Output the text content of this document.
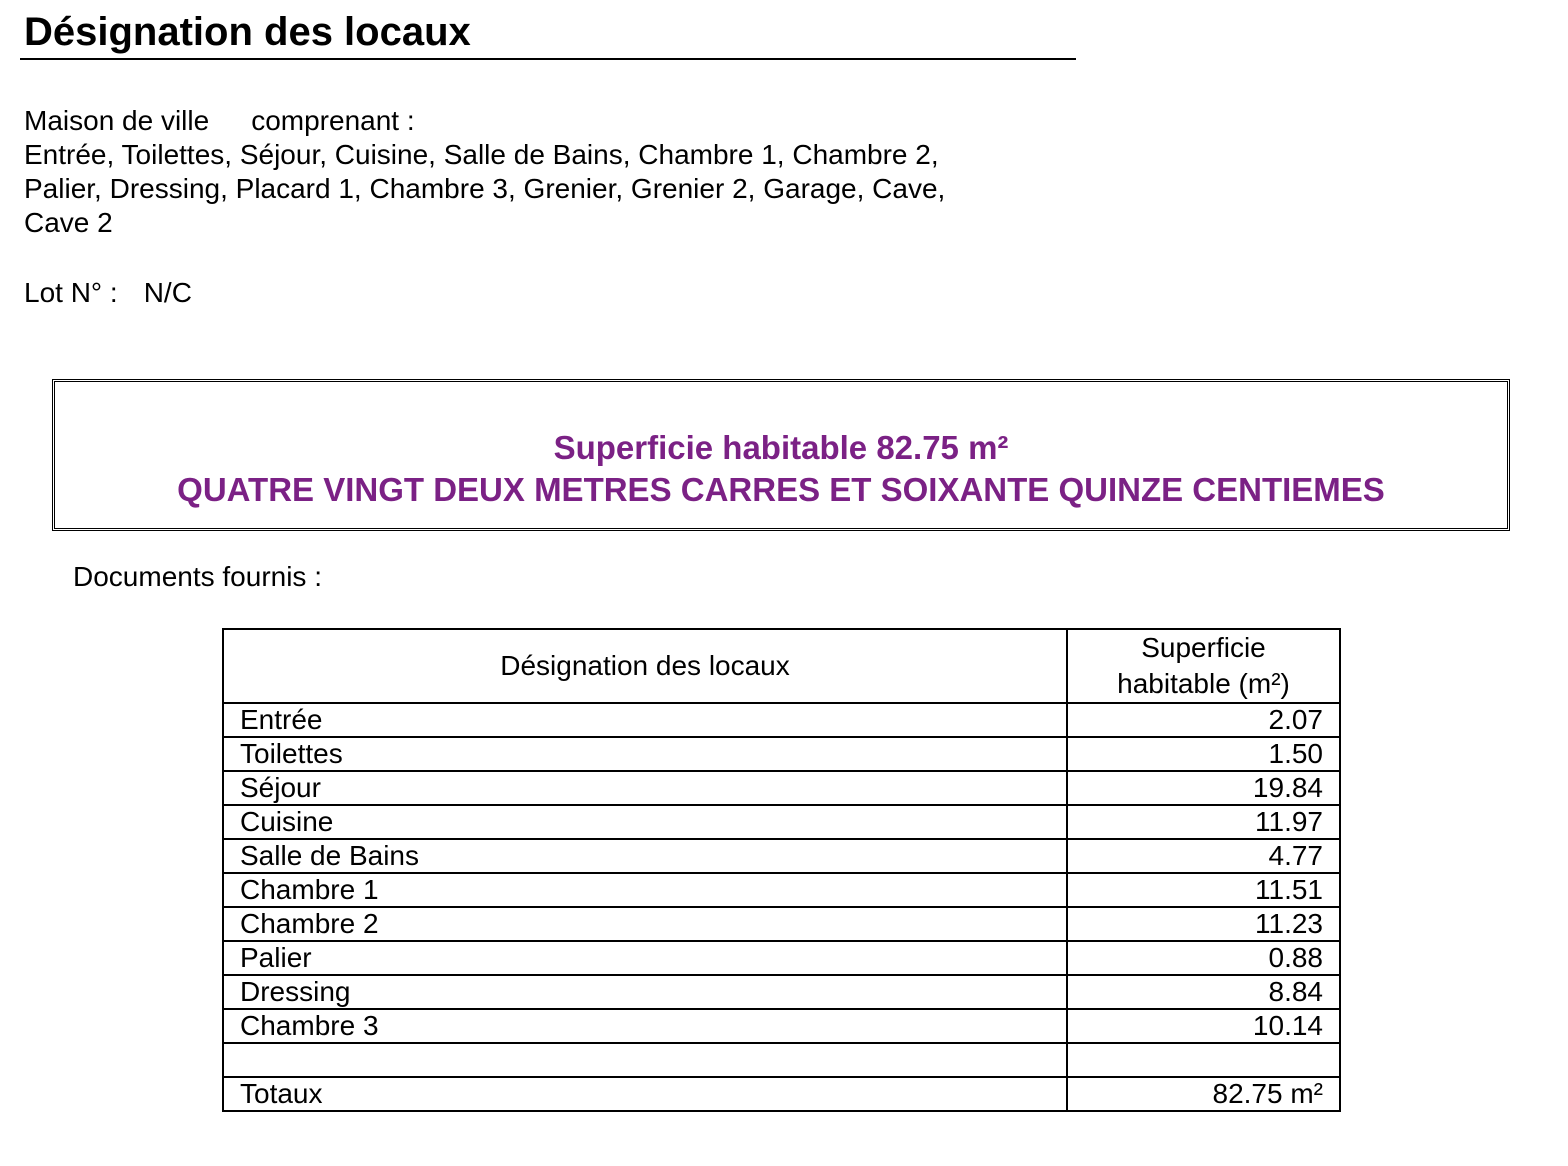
Désignation des locaux
Maison de ville comprenant :
Entrée, Toilettes, Séjour, Cuisine, Salle de Bains, Chambre 1, Chambre 2,
Palier, Dressing, Placard 1, Chambre 3, Grenier, Grenier 2, Garage, Cave,
Cave 2
Lot N° : N/C
Superficie habitable 82.75 m²
QUATRE VINGT DEUX METRES CARRES ET SOIXANTE QUINZE CENTIEMES
Documents fournis :
Désignation des locaux	Superficie
habitable (m²)
Entrée	2.07
Toilettes	1.50
Séjour	19.84
Cuisine	11.97
Salle de Bains	4.77
Chambre 1	11.51
Chambre 2	11.23
Palier	0.88
Dressing	8.84
Chambre 3	10.14

Totaux	82.75 m²
